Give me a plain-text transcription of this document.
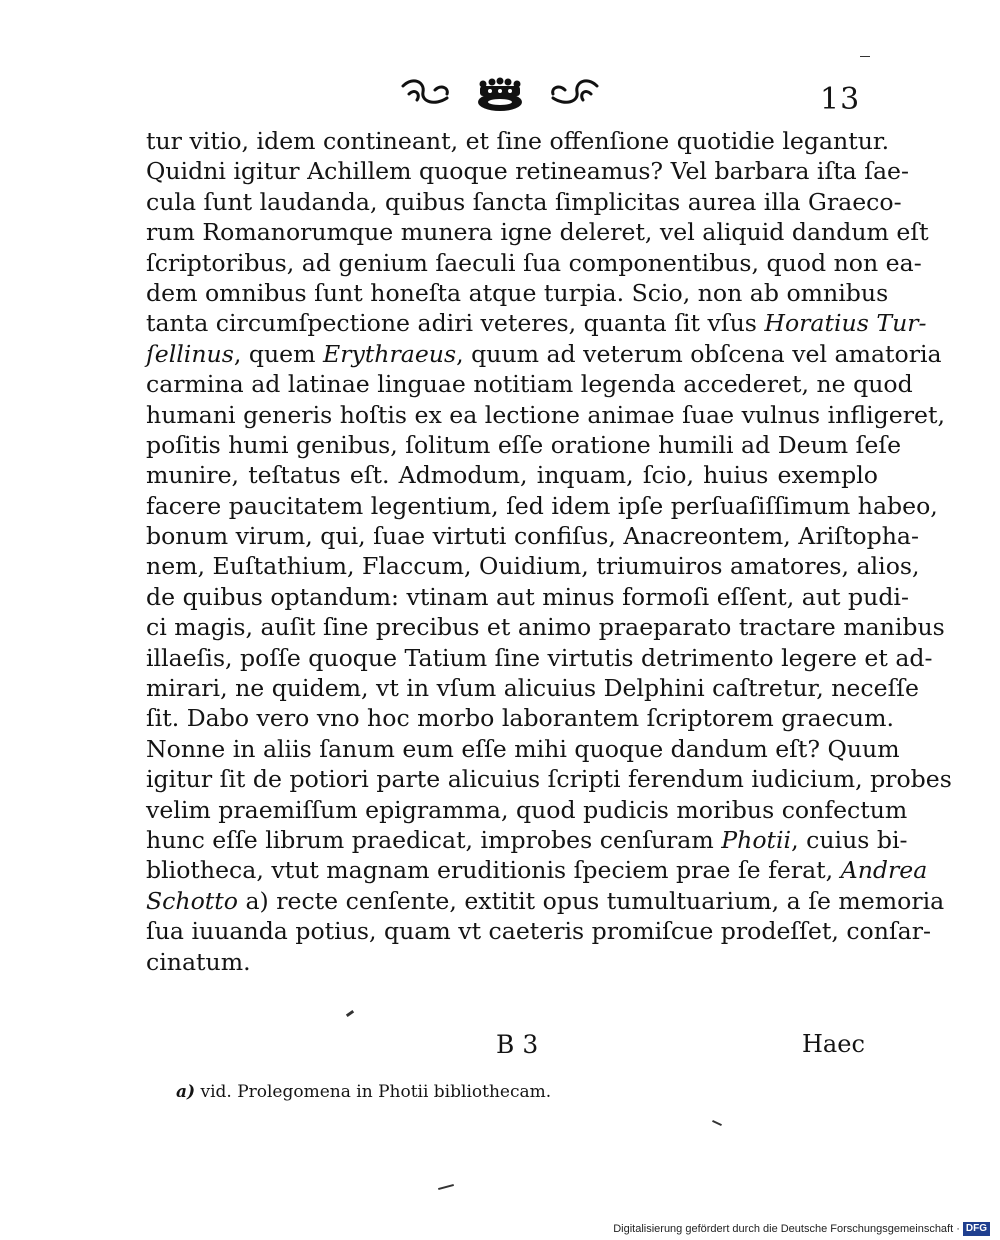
13
tur vitio, idem contineant, et ſine offenſione quotidie legantur.
Quidni igitur Achillem quoque retineamus? Vel barbara iſta ſae-
cula ſunt laudanda, quibus ſancta ſimplicitas aurea illa Graeco-
rum Romanorumque munera igne deleret, vel aliquid dandum eſt
ſcriptoribus, ad genium ſaeculi ſua componentibus, quod non ea-
dem omnibus ſunt honeſta atque turpia. Scio, non ab omnibus
tanta circumſpectione adiri veteres, quanta ſit vſus Horatius Tur-
ſellinus, quem Erythraeus, quum ad veterum obſcena vel amatoria
carmina ad latinae linguae notitiam legenda accederet, ne quod
humani generis hoſtis ex ea lectione animae ſuae vulnus infligeret,
poſitis humi genibus, ſolitum eſſe oratione humili ad Deum ſeſe
munire, teſtatus eſt. Admodum, inquam, ſcio, huius exemplo
facere paucitatem legentium, ſed idem ipſe perſuaſiſſimum habeo,
bonum virum, qui, ſuae virtuti confiſus, Anacreontem, Ariſtopha-
nem, Euſtathium, Flaccum, Ouidium, triumuiros amatores, alios,
de quibus optandum: vtinam aut minus formoſi eſſent, aut pudi-
ci magis, auſit ſine precibus et animo praeparato tractare manibus
illaeſis, poſſe quoque Tatium ſine virtutis detrimento legere et ad-
mirari, ne quidem, vt in vſum alicuius Delphini caſtretur, neceſſe
ſit. Dabo vero vno hoc morbo laborantem ſcriptorem graecum.
Nonne in aliis ſanum eum eſſe mihi quoque dandum eſt? Quum
igitur ſit de potiori parte alicuius ſcripti ferendum iudicium, probes
velim praemiſſum epigramma, quod pudicis moribus confectum
hunc eſſe librum praedicat, improbes cenſuram Photii, cuius bi-
bliotheca, vtut magnam eruditionis ſpeciem prae ſe ferat, Andrea
Schotto a) recte cenſente, extitit opus tumultuarium, a ſe memoria
ſua iuuanda potius, quam vt caeteris promiſcue prodeſſet, conſar-
cinatum.
B 3	Haec
a) vid. Prolegomena in Photii bibliothecam.
Digitalisierung gefördert durch die Deutsche Forschungsgemeinschaft · DFG
